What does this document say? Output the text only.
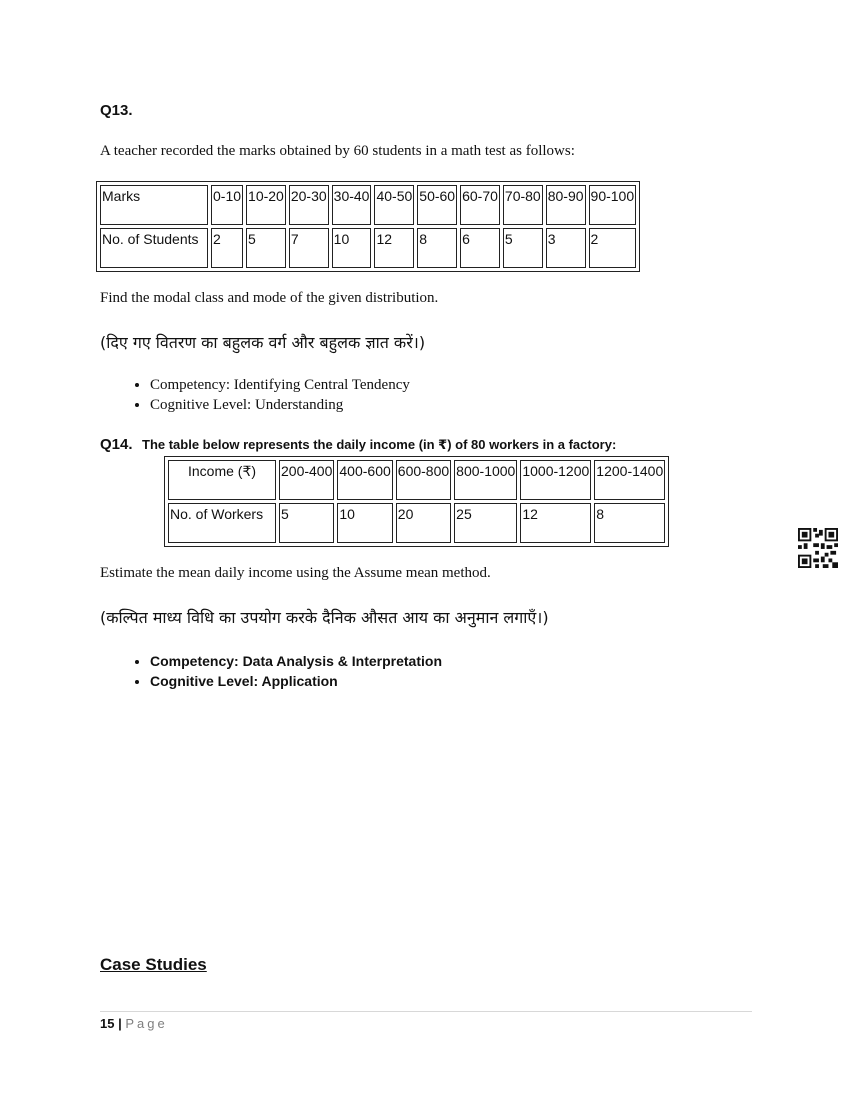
Q13.
A teacher recorded the marks obtained by 60 students in a math test as follows:
Marks	0-10	10-20	20-30	30-40	40-50	50-60	60-70	70-80	80-90	90-100
No. of Students	2	5	7	10	12	8	6	5	3	2
Find the modal class and mode of the given distribution.
(दिए गए वितरण का बहुलक वर्ग और बहुलक ज्ञात करें।)
• Competency: Identifying Central Tendency
• Cognitive Level: Understanding
Q14. The table below represents the daily income (in ₹) of 80 workers in a factory:
Income (₹)	200-400	400-600	600-800	800-1000	1000-1200	1200-1400
No. of Workers	5	10	20	25	12	8
Estimate the mean daily income using the Assume mean method.
(कल्पित माध्य विधि का उपयोग करके दैनिक औसत आय का अनुमान लगाएँ।)
• Competency: Data Analysis & Interpretation
• Cognitive Level: Application
Case Studies
15 | Page
